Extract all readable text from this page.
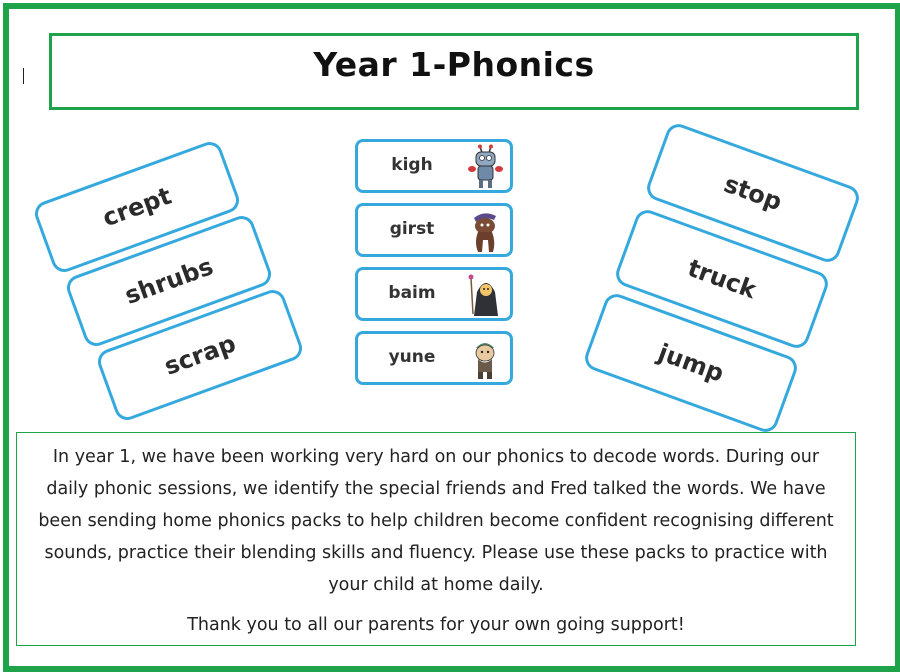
Year 1-Phonics
crept
shrubs
scrap
kigh
girst
baim
yune
stop
truck
jump

In year 1, we have been working very hard on our phonics to decode words. During our daily phonic sessions, we identify the special friends and Fred talked the words. We have been sending home phonics packs to help children become confident recognising different sounds, practice their blending skills and fluency. Please use these packs to practice with your child at home daily.

Thank you to all our parents for your own going support!
